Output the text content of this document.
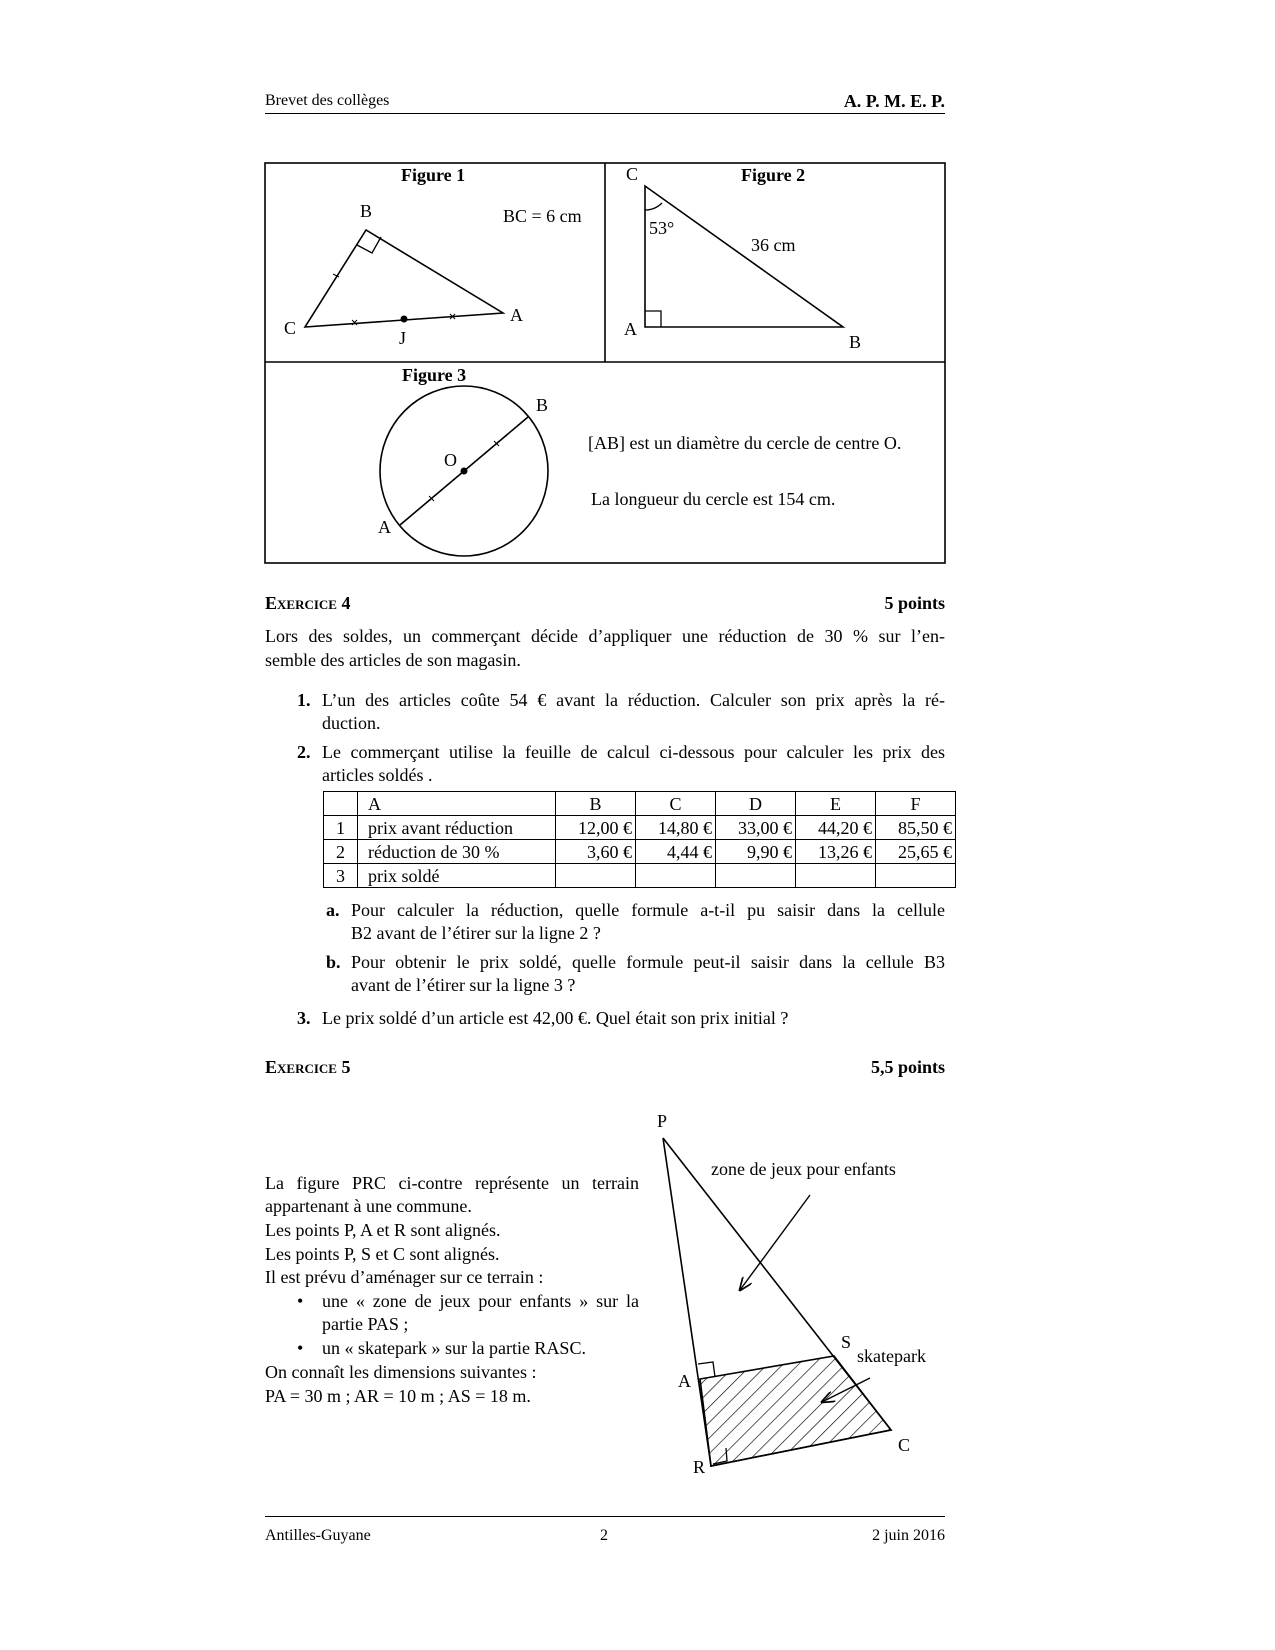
Brevet des collèges	A. P. M. E. P.
Figure 1
BC = 6 cm
B
C
A
J
Figure 2
C
A
B
53°
36 cm
Figure 3
O
A
B
[AB] est un diamètre du cercle de centre O.
La longueur du cercle est 154 cm.
Exercice 4	5 points
Lors des soldes, un commerçant décide d’appliquer une réduction de 30 % sur l’en-
semble des articles de son magasin.
1. L’un des articles coûte 54 € avant la réduction. Calculer son prix après la ré-
duction.
2. Le commerçant utilise la feuille de calcul ci-dessous pour calculer les prix des
articles soldés .
	A	B	C	D	E	F
1	prix avant réduction	12,00 €	14,80 €	33,00 €	44,20 €	85,50 €
2	réduction de 30 %	3,60 €	4,44 €	9,90 €	13,26 €	25,65 €
3	prix soldé					
a. Pour calculer la réduction, quelle formule a-t-il pu saisir dans la cellule
B2 avant de l’étirer sur la ligne 2 ?
b. Pour obtenir le prix soldé, quelle formule peut-il saisir dans la cellule B3
avant de l’étirer sur la ligne 3 ?
3. Le prix soldé d’un article est 42,00 €. Quel était son prix initial ?
Exercice 5	5,5 points
La figure PRC ci-contre représente un terrain
appartenant à une commune.
Les points P, A et R sont alignés.
Les points P, S et C sont alignés.
Il est prévu d’aménager sur ce terrain :
• une « zone de jeux pour enfants » sur la
partie PAS ;
• un « skatepark » sur la partie RASC.
On connaît les dimensions suivantes :
PA = 30 m ; AR = 10 m ; AS = 18 m.
P
A
R
S
C
zone de jeux pour enfants
skatepark
Antilles-Guyane	2	2 juin 2016
